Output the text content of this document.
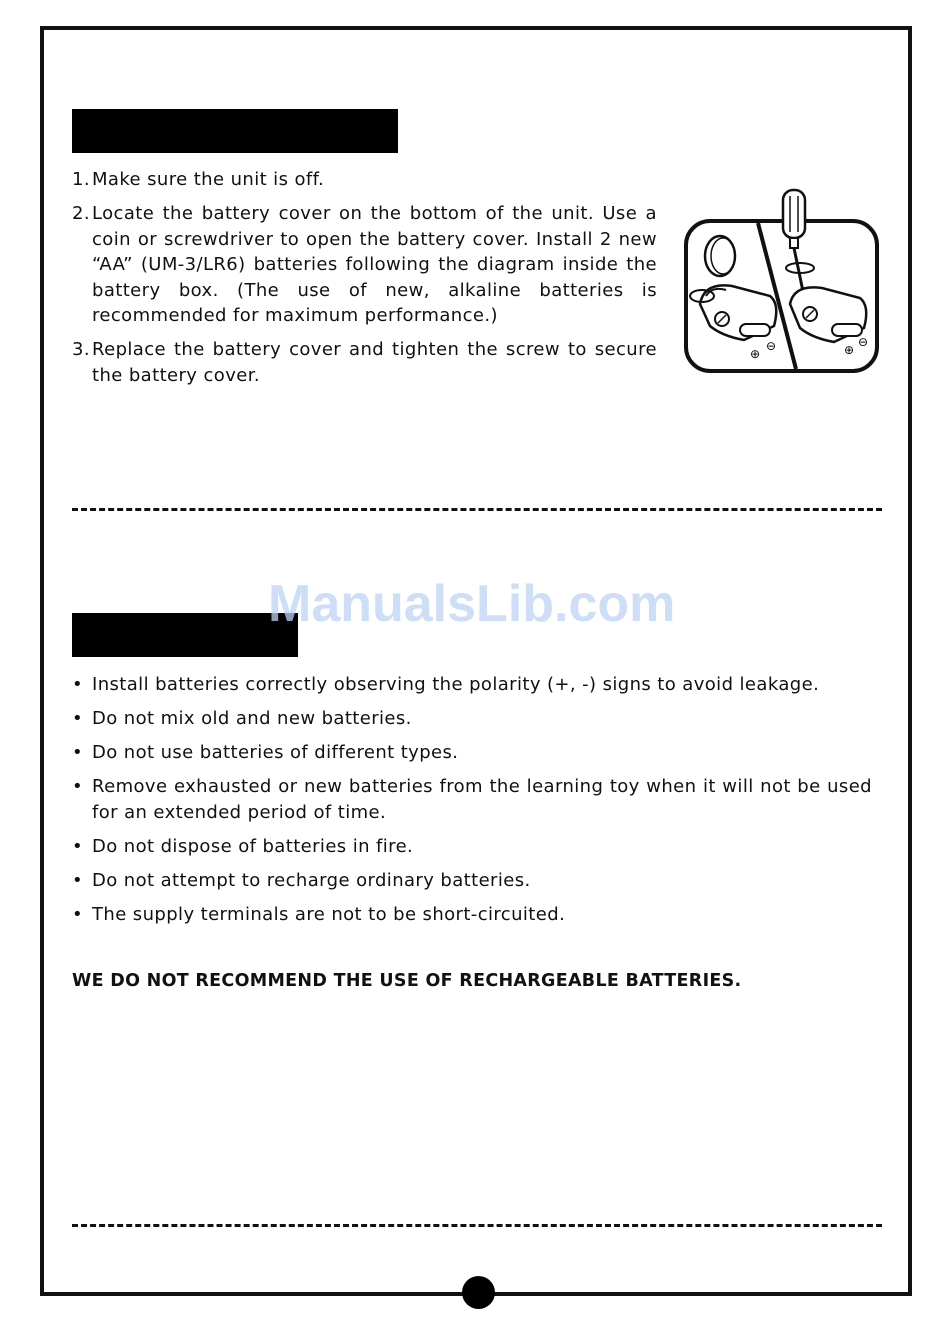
1. Make sure the unit is off.
2. Locate the battery cover on the bottom of the unit. Use a coin or screwdriver to open the battery cover. Install 2 new “AA” (UM-3/LR6) batteries following the diagram inside the battery box. (The use of new, alkaline batteries is recommended for maximum performance.)
3. Replace the battery cover and tighten the screw to secure the battery cover.
⊕
⊖	⊕
⊖
• Install batteries correctly observing the polarity (+, -) signs to avoid leakage.
• Do not mix old and new batteries.
• Do not use batteries of different types.
• Remove exhausted or new batteries from the learning toy when it will not be used for an extended period of time.
• Do not dispose of batteries in fire.
• Do not attempt to recharge ordinary batteries.
• The supply terminals are not to be short-circuited.
WE DO NOT RECOMMEND THE USE OF RECHARGEABLE BATTERIES.
ManualsLib.com
